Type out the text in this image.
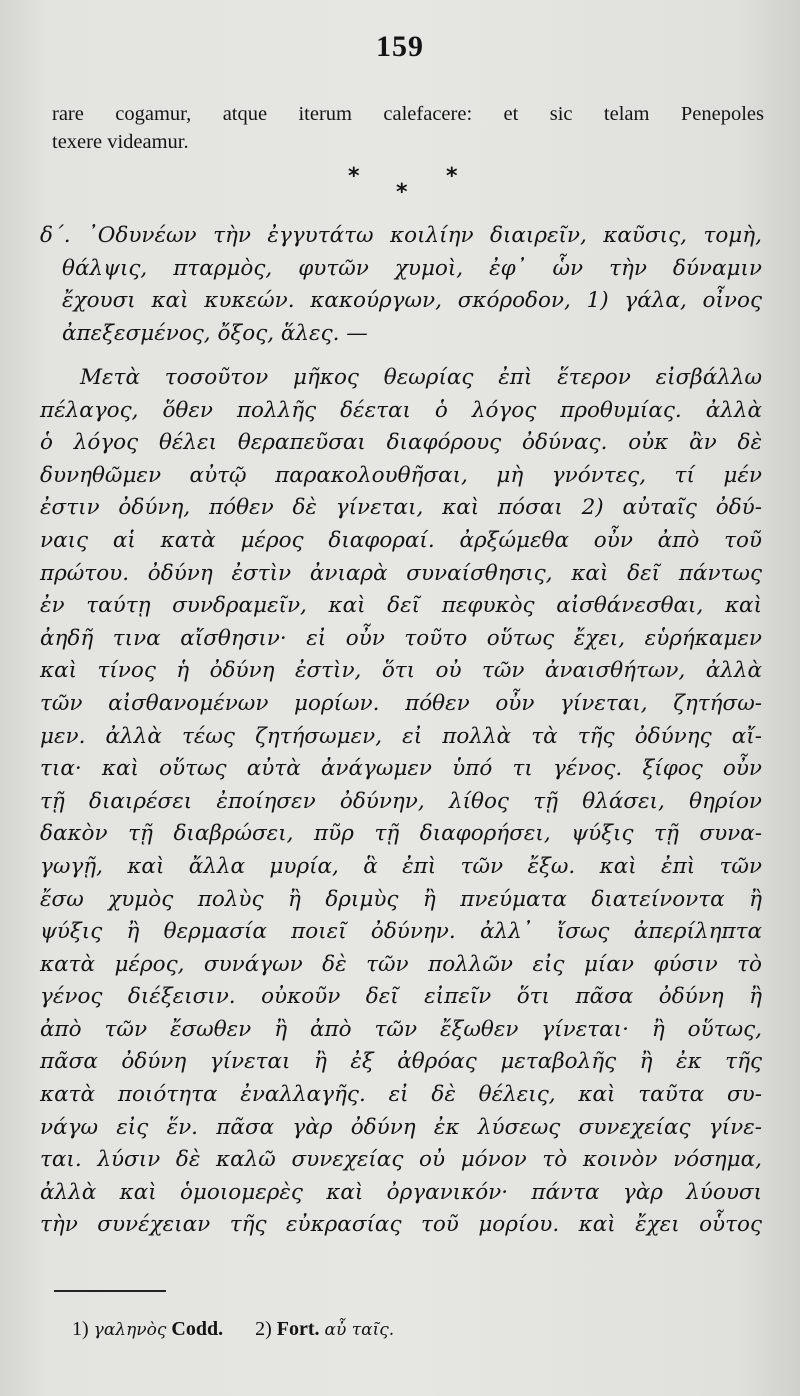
159
rare cogamur, atque iterum calefacere: et sic telam Penepoles
texere videamur.
*	*
*
δ΄. ᾿Οδυνέων τὴν ἐγγυτάτω κοιλίην διαιρεῖν, καῦσις, τομὴ,
θάλψις, πταρμὸς, φυτῶν χυμοὶ, ἐφ᾽ ὧν τὴν δύναμιν
ἔχουσι καὶ κυκεών. κακούργων, σκόροδον, 1) γάλα, οἶνος
ἀπεξεσμένος, ὄξος, ἅλες. —
Μετὰ τοσοῦτον μῆκος θεωρίας ἐπὶ ἕτερον εἰσβάλλω
πέλαγος, ὅθεν πολλῆς δέεται ὁ λόγος προθυμίας. ἀλλὰ
ὁ λόγος θέλει θεραπεῦσαι διαφόρους ὀδύνας. οὐκ ἂν δὲ
δυνηθῶμεν αὐτῷ παρακολουθῆσαι, μὴ γνόντες, τί μέν
ἐστιν ὀδύνη, πόθεν δὲ γίνεται, καὶ πόσαι 2) αὐταῖς ὀδύ-
ναις αἱ κατὰ μέρος διαφοραί. ἀρξώμεθα οὖν ἀπὸ τοῦ
πρώτου. ὀδύνη ἐστὶν ἀνιαρὰ συναίσθησις, καὶ δεῖ πάντως
ἐν ταύτῃ συνδραμεῖν, καὶ δεῖ πεφυκὸς αἰσθάνεσθαι, καὶ
ἀηδῆ τινα αἴσθησιν· εἰ οὖν τοῦτο οὕτως ἔχει, εὑρήκαμεν
καὶ τίνος ἡ ὀδύνη ἐστὶν, ὅτι οὐ τῶν ἀναισθήτων, ἀλλὰ
τῶν αἰσθανομένων μορίων. πόθεν οὖν γίνεται, ζητήσω-
μεν. ἀλλὰ τέως ζητήσωμεν, εἰ πολλὰ τὰ τῆς ὀδύνης αἴ-
τια· καὶ οὕτως αὐτὰ ἀνάγωμεν ὑπό τι γένος. ξίφος οὖν
τῇ διαιρέσει ἐποίησεν ὀδύνην, λίθος τῇ θλάσει, θηρίον
δακὸν τῇ διαβρώσει, πῦρ τῇ διαφορήσει, ψύξις τῇ συνα-
γωγῇ, καὶ ἄλλα μυρία, ἃ ἐπὶ τῶν ἔξω. καὶ ἐπὶ τῶν
ἔσω χυμὸς πολὺς ἢ δριμὺς ἢ πνεύματα διατείνοντα ἢ
ψύξις ἢ θερμασία ποιεῖ ὀδύνην. ἀλλ᾽ ἴσως ἀπερίληπτα
κατὰ μέρος, συνάγων δὲ τῶν πολλῶν εἰς μίαν φύσιν τὸ
γένος διέξεισιν. οὐκοῦν δεῖ εἰπεῖν ὅτι πᾶσα ὀδύνη ἢ
ἀπὸ τῶν ἔσωθεν ἢ ἀπὸ τῶν ἔξωθεν γίνεται· ἢ οὕτως,
πᾶσα ὀδύνη γίνεται ἢ ἐξ ἀθρόας μεταβολῆς ἢ ἐκ τῆς
κατὰ ποιότητα ἐναλλαγῆς. εἰ δὲ θέλεις, καὶ ταῦτα συ-
νάγω εἰς ἕν. πᾶσα γὰρ ὀδύνη ἐκ λύσεως συνεχείας γίνε-
ται. λύσιν δὲ καλῶ συνεχείας οὐ μόνον τὸ κοινὸν νόσημα,
ἀλλὰ καὶ ὁμοιομερὲς καὶ ὀργανικόν· πάντα γὰρ λύουσι
τὴν συνέχειαν τῆς εὐκρασίας τοῦ μορίου. καὶ ἔχει οὗτος
1) γαληνὸς Codd. 2) Fort. αὖ ταῖς.
